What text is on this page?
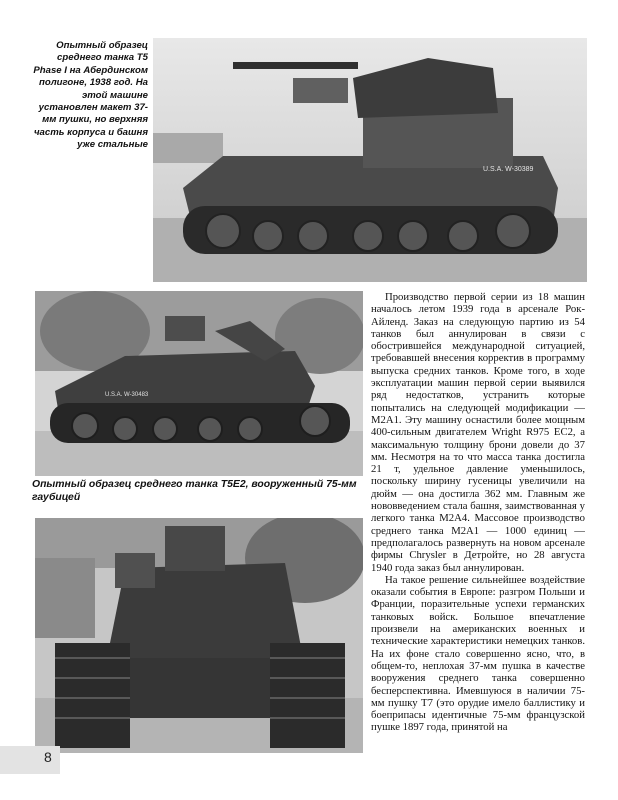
Опытный образец среднего танка Т5 Phase I на Абердинском полигоне, 1938 год. На этой машине установлен макет 37-мм пушки, но верхняя часть корпуса и башня уже стальные
U.S.A. W-30389
U.S.A. W-30483
Опытный образец среднего танка Т5Е2, вооруженный 75-мм гаубицей

Производство первой серии из 18 машин началось летом 1939 года в арсенале Рок-Айленд. Заказ на следующую партию из 54 танков был аннулирован в связи с обострившейся международной ситуацией, требовавшей внесения корректив в программу выпуска средних танков. Кроме того, в ходе эксплуатации машин первой серии выявился ряд недостатков, устранить которые попытались на следующей модификации — М2А1. Эту машину оснастили более мощным 400-сильным двигателем Wright R975 EC2, а максимальную толщину брони довели до 37 мм. Несмотря на то что масса танка достигла 21 т, удельное давление уменьшилось, поскольку ширину гусеницы увеличили на дюйм — она достигла 362 мм. Главным же нововведением стала башня, заимствованная у легкого танка М2А4. Массовое производство среднего танка М2А1 — 1000 единиц — предполагалось развернуть на новом арсенале фирмы Chrysler в Детройте, но 28 августа 1940 года заказ был аннулирован.

На такое решение сильнейшее воздействие оказали события в Европе: разгром Польши и Франции, поразительные успехи германских танковых войск. Большое впечатление произвели на американских военных и технические характеристики немецких танков. На их фоне стало совершенно ясно, что, в общем-то, неплохая 37-мм пушка в качестве вооружения среднего танка совершенно бесперспективна. Имевшуюся в наличии 75-мм пушку Т7 (это орудие имело баллистику и боеприпасы идентичные 75-мм французской пушке 1897 года, принятой на

8
